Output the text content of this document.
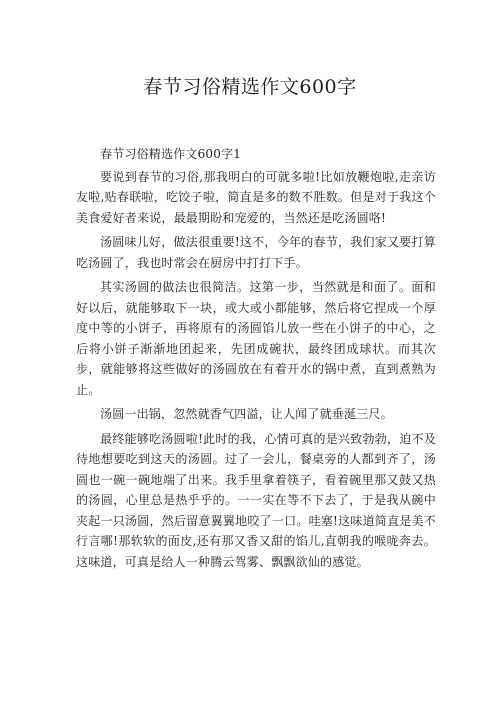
春节习俗精选作文600字

春节习俗精选作文600字1

要说到春节的习俗,那我明白的可就多啦!比如放鞭炮啦,走亲访友啦,贴春联啦，吃饺子啦，简直是多的数不胜数。但是对于我这个美食爱好者来说，最最期盼和宠爱的，当然还是吃汤圆咯!

汤圆味儿好，做法很重要!这不，今年的春节，我们家又要打算吃汤圆了，我也时常会在厨房中打打下手。

其实汤圆的做法也很简洁。这第一步，当然就是和面了。面和好以后，就能够取下一块，或大或小都能够，然后将它捏成一个厚度中等的小饼子，再将原有的汤圆馅儿放一些在小饼子的中心，之后将小饼子渐渐地团起来，先团成碗状，最终团成球状。而其次步，就能够将这些做好的汤圆放在有着开水的锅中煮，直到煮熟为止。

汤圆一出锅，忽然就香气四溢，让人闻了就垂涎三尺。

最终能够吃汤圆啦!此时的我，心情可真的是兴致勃勃，迫不及待地想要吃到这天的汤圆。过了一会儿，餐桌旁的人都到齐了，汤圆也一碗一碗地端了出来。我手里拿着筷子，看着碗里那又鼓又热的汤圆，心里总是热乎乎的。一一实在等不下去了，于是我从碗中夹起一只汤圆，然后留意翼翼地咬了一口。哇塞!这味道简直是美不行言哪!那软软的面皮,还有那又香又甜的馅儿,直朝我的喉咙奔去。这味道，可真是给人一种腾云驾雾、飘飘欲仙的感觉。
